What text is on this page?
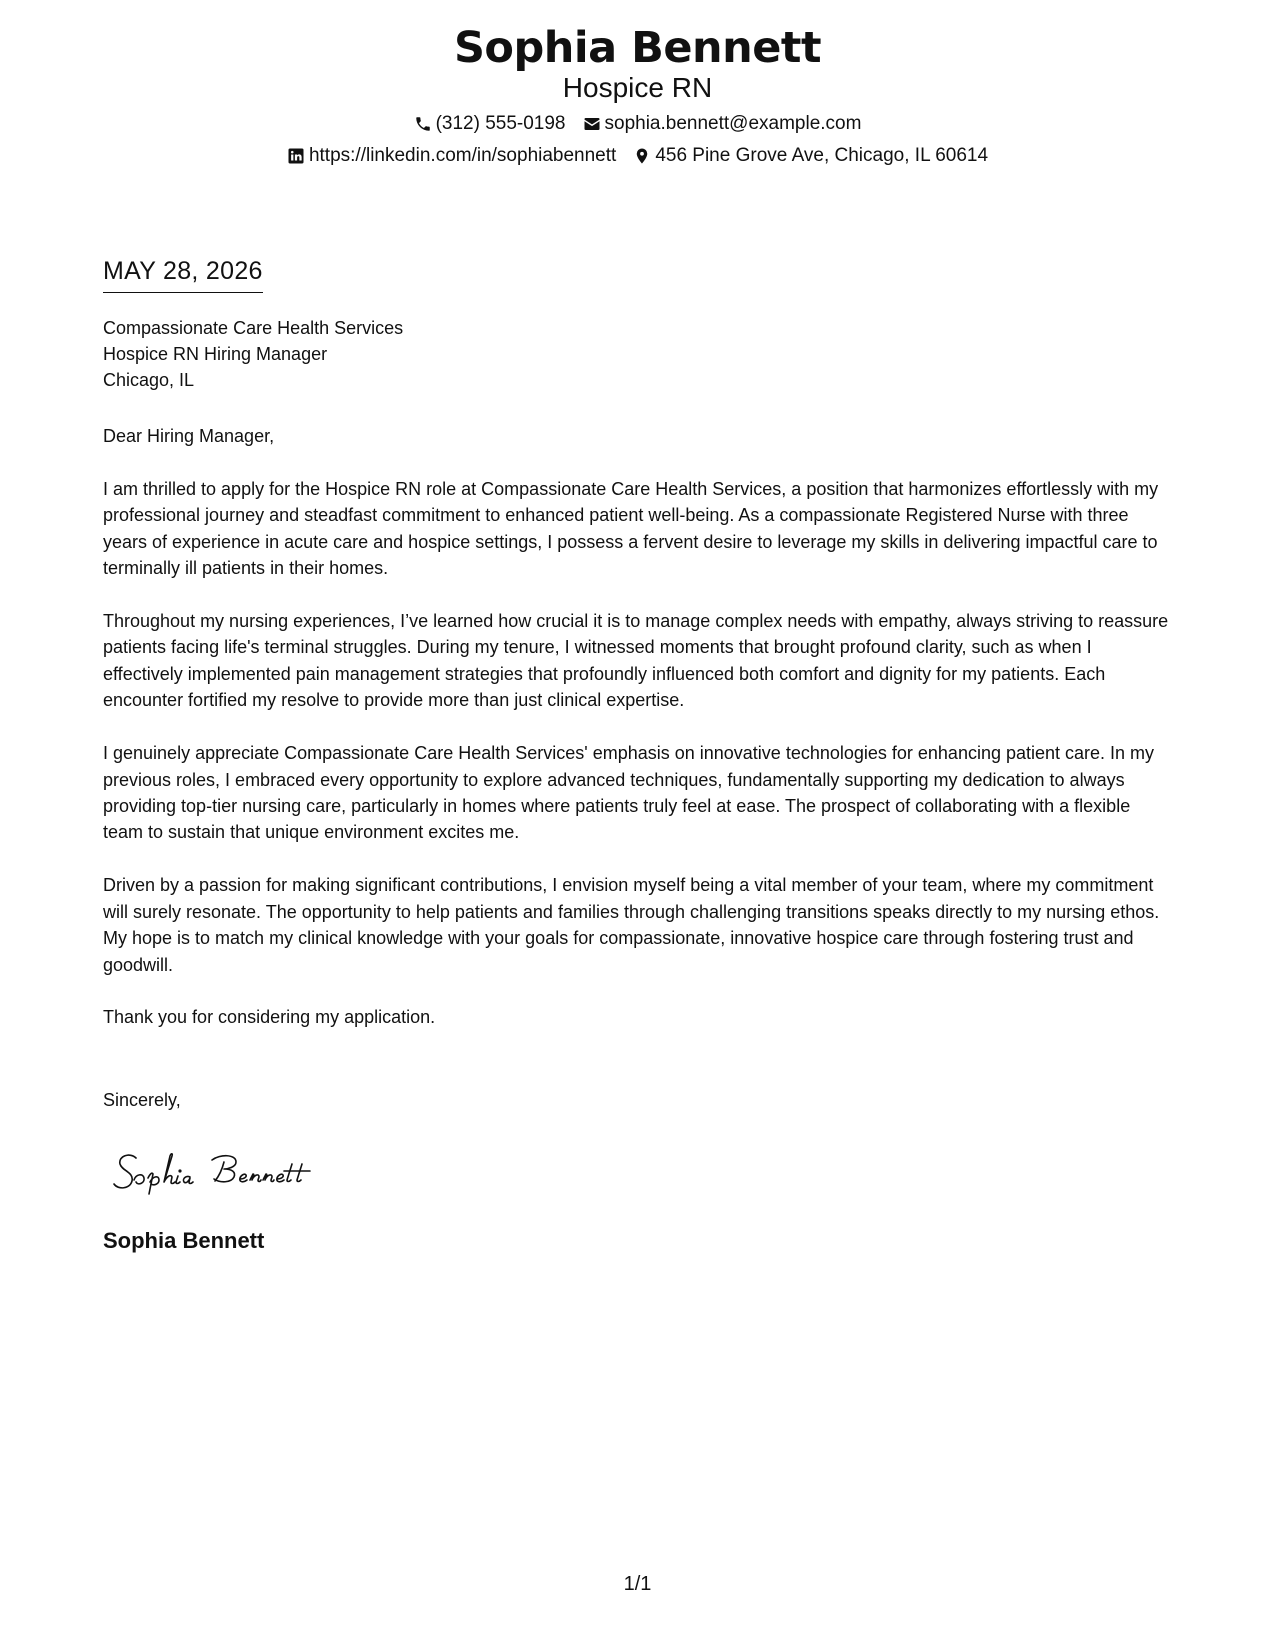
Sophia Bennett
Hospice RN
(312) 555-0198 sophia.bennett@example.com
https://linkedin.com/in/sophiabennett 456 Pine Grove Ave, Chicago, IL 60614
MAY 28, 2026
Compassionate Care Health Services
Hospice RN Hiring Manager
Chicago, IL

Dear Hiring Manager,

I am thrilled to apply for the Hospice RN role at Compassionate Care Health Services, a position that harmonizes effortlessly with my professional journey and steadfast commitment to enhanced patient well-being. As a compassionate Registered Nurse with three years of experience in acute care and hospice settings, I possess a fervent desire to leverage my skills in delivering impactful care to terminally ill patients in their homes.

Throughout my nursing experiences, I’ve learned how crucial it is to manage complex needs with empathy, always striving to reassure patients facing life's terminal struggles. During my tenure, I witnessed moments that brought profound clarity, such as when I effectively implemented pain management strategies that profoundly influenced both comfort and dignity for my patients. Each encounter fortified my resolve to provide more than just clinical expertise.

I genuinely appreciate Compassionate Care Health Services' emphasis on innovative technologies for enhancing patient care. In my previous roles, I embraced every opportunity to explore advanced techniques, fundamentally supporting my dedication to always providing top-tier nursing care, particularly in homes where patients truly feel at ease. The prospect of collaborating with a flexible team to sustain that unique environment excites me.

Driven by a passion for making significant contributions, I envision myself being a vital member of your team, where my commitment will surely resonate. The opportunity to help patients and families through challenging transitions speaks directly to my nursing ethos. My hope is to match my clinical knowledge with your goals for compassionate, innovative hospice care through fostering trust and goodwill.

Thank you for considering my application.

Sincerely,
Sophia Bennett
1/1
